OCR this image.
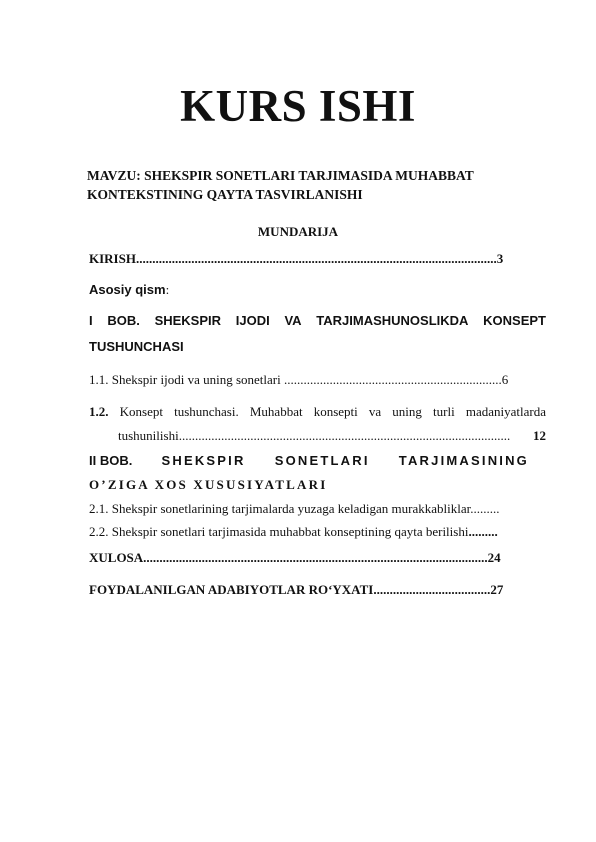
KURS ISHI
MAVZU: SHEKSPIR SONETLARI TARJIMASIDA MUHABBAT
KONTEKSTINING QAYTA TASVIRLANISHI
MUNDARIJA
KIRISH...............................................................................................................3
Asosiy qism:
I BOB. SHEKSPIR IJODI VA TARJIMASHUNOSLIKDA KONSEPT
TUSHUNCHASI
1.1. Shekspir ijodi va uning sonetlari ...................................................................6
1.2. Konsept tushunchasi. Muhabbat konsepti va uning turli madaniyatlarda
tushunilishi ......................................................................................................	12
II BOB. SHEKSPIR SONETLARI TARJIMASINING
O’ZIGA XOS XUSUSIYATLARI
2.1. Shekspir sonetlarining tarjimalarda yuzaga keladigan murakkabliklar.........
2.2. Shekspir sonetlari tarjimasida muhabbat konseptining qayta berilishi.........
XULOSA..........................................................................................................24
FOYDALANILGAN ADABIYOTLAR RO‘YXATI....................................27
